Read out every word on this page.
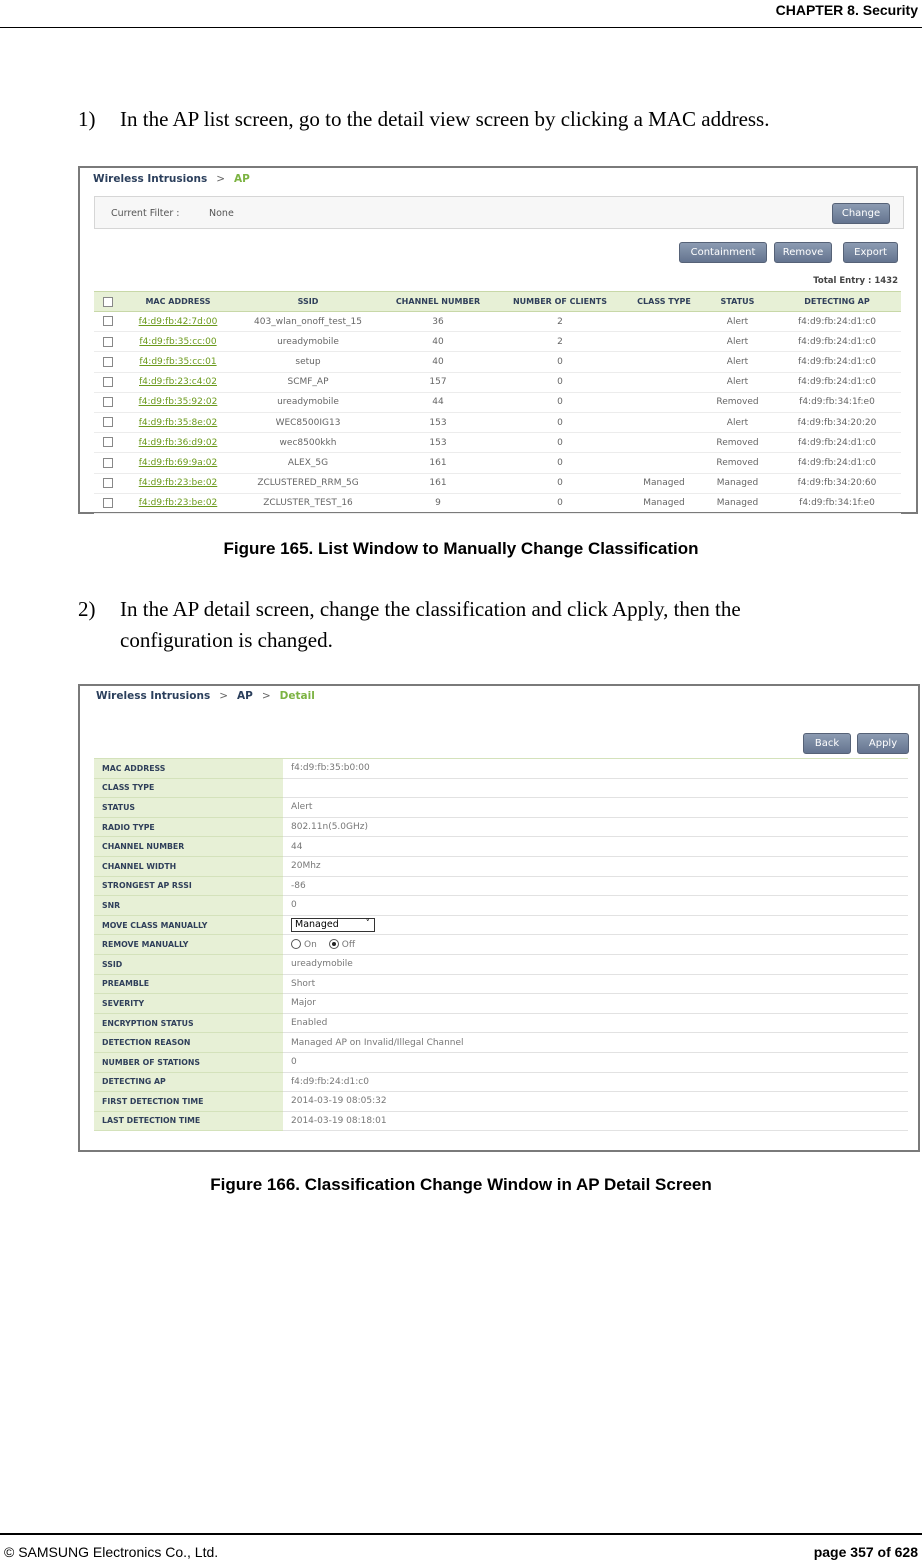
CHAPTER 8. Security
1)	In the AP list screen, go to the detail view screen by clicking a MAC address.
Wireless Intrusions > AP
Current Filter :	None	Change
Containment	Remove	Export
Total Entry : 1432
	MAC ADDRESS	SSID	CHANNEL NUMBER	NUMBER OF CLIENTS	CLASS TYPE	STATUS	DETECTING AP
	f4:d9:fb:42:7d:00	403_wlan_onoff_test_15	36	2		Alert	f4:d9:fb:24:d1:c0
	f4:d9:fb:35:cc:00	ureadymobile	40	2		Alert	f4:d9:fb:24:d1:c0
	f4:d9:fb:35:cc:01	setup	40	0		Alert	f4:d9:fb:24:d1:c0
	f4:d9:fb:23:c4:02	SCMF_AP	157	0		Alert	f4:d9:fb:24:d1:c0
	f4:d9:fb:35:92:02	ureadymobile	44	0		Removed	f4:d9:fb:34:1f:e0
	f4:d9:fb:35:8e:02	WEC8500IG13	153	0		Alert	f4:d9:fb:34:20:20
	f4:d9:fb:36:d9:02	wec8500kkh	153	0		Removed	f4:d9:fb:24:d1:c0
	f4:d9:fb:69:9a:02	ALEX_5G	161	0		Removed	f4:d9:fb:24:d1:c0
	f4:d9:fb:23:be:02	ZCLUSTERED_RRM_5G	161	0	Managed	Managed	f4:d9:fb:34:20:60
	f4:d9:fb:23:be:02	ZCLUSTER_TEST_16	9	0	Managed	Managed	f4:d9:fb:34:1f:e0
Figure 165. List Window to Manually Change Classification
2)	In the AP detail screen, change the classification and click Apply, then the configuration is changed.
Wireless Intrusions > AP > Detail
Back	Apply
MAC ADDRESS	f4:d9:fb:35:b0:00
CLASS TYPE	
STATUS	Alert
RADIO TYPE	802.11n(5.0GHz)
CHANNEL NUMBER	44
CHANNEL WIDTH	20Mhz
STRONGEST AP RSSI	-86
SNR	0
MOVE CLASS MANUALLY	Managed ˅

REMOVE MANUALLY	On Off
SSID	ureadymobile
PREAMBLE	Short
SEVERITY	Major
ENCRYPTION STATUS	Enabled
DETECTION REASON	Managed AP on Invalid/Illegal Channel
NUMBER OF STATIONS	0
DETECTING AP	f4:d9:fb:24:d1:c0
FIRST DETECTION TIME	2014-03-19 08:05:32
LAST DETECTION TIME	2014-03-19 08:18:01
Figure 166. Classification Change Window in AP Detail Screen
© SAMSUNG Electronics Co., Ltd.	page 357 of 628
